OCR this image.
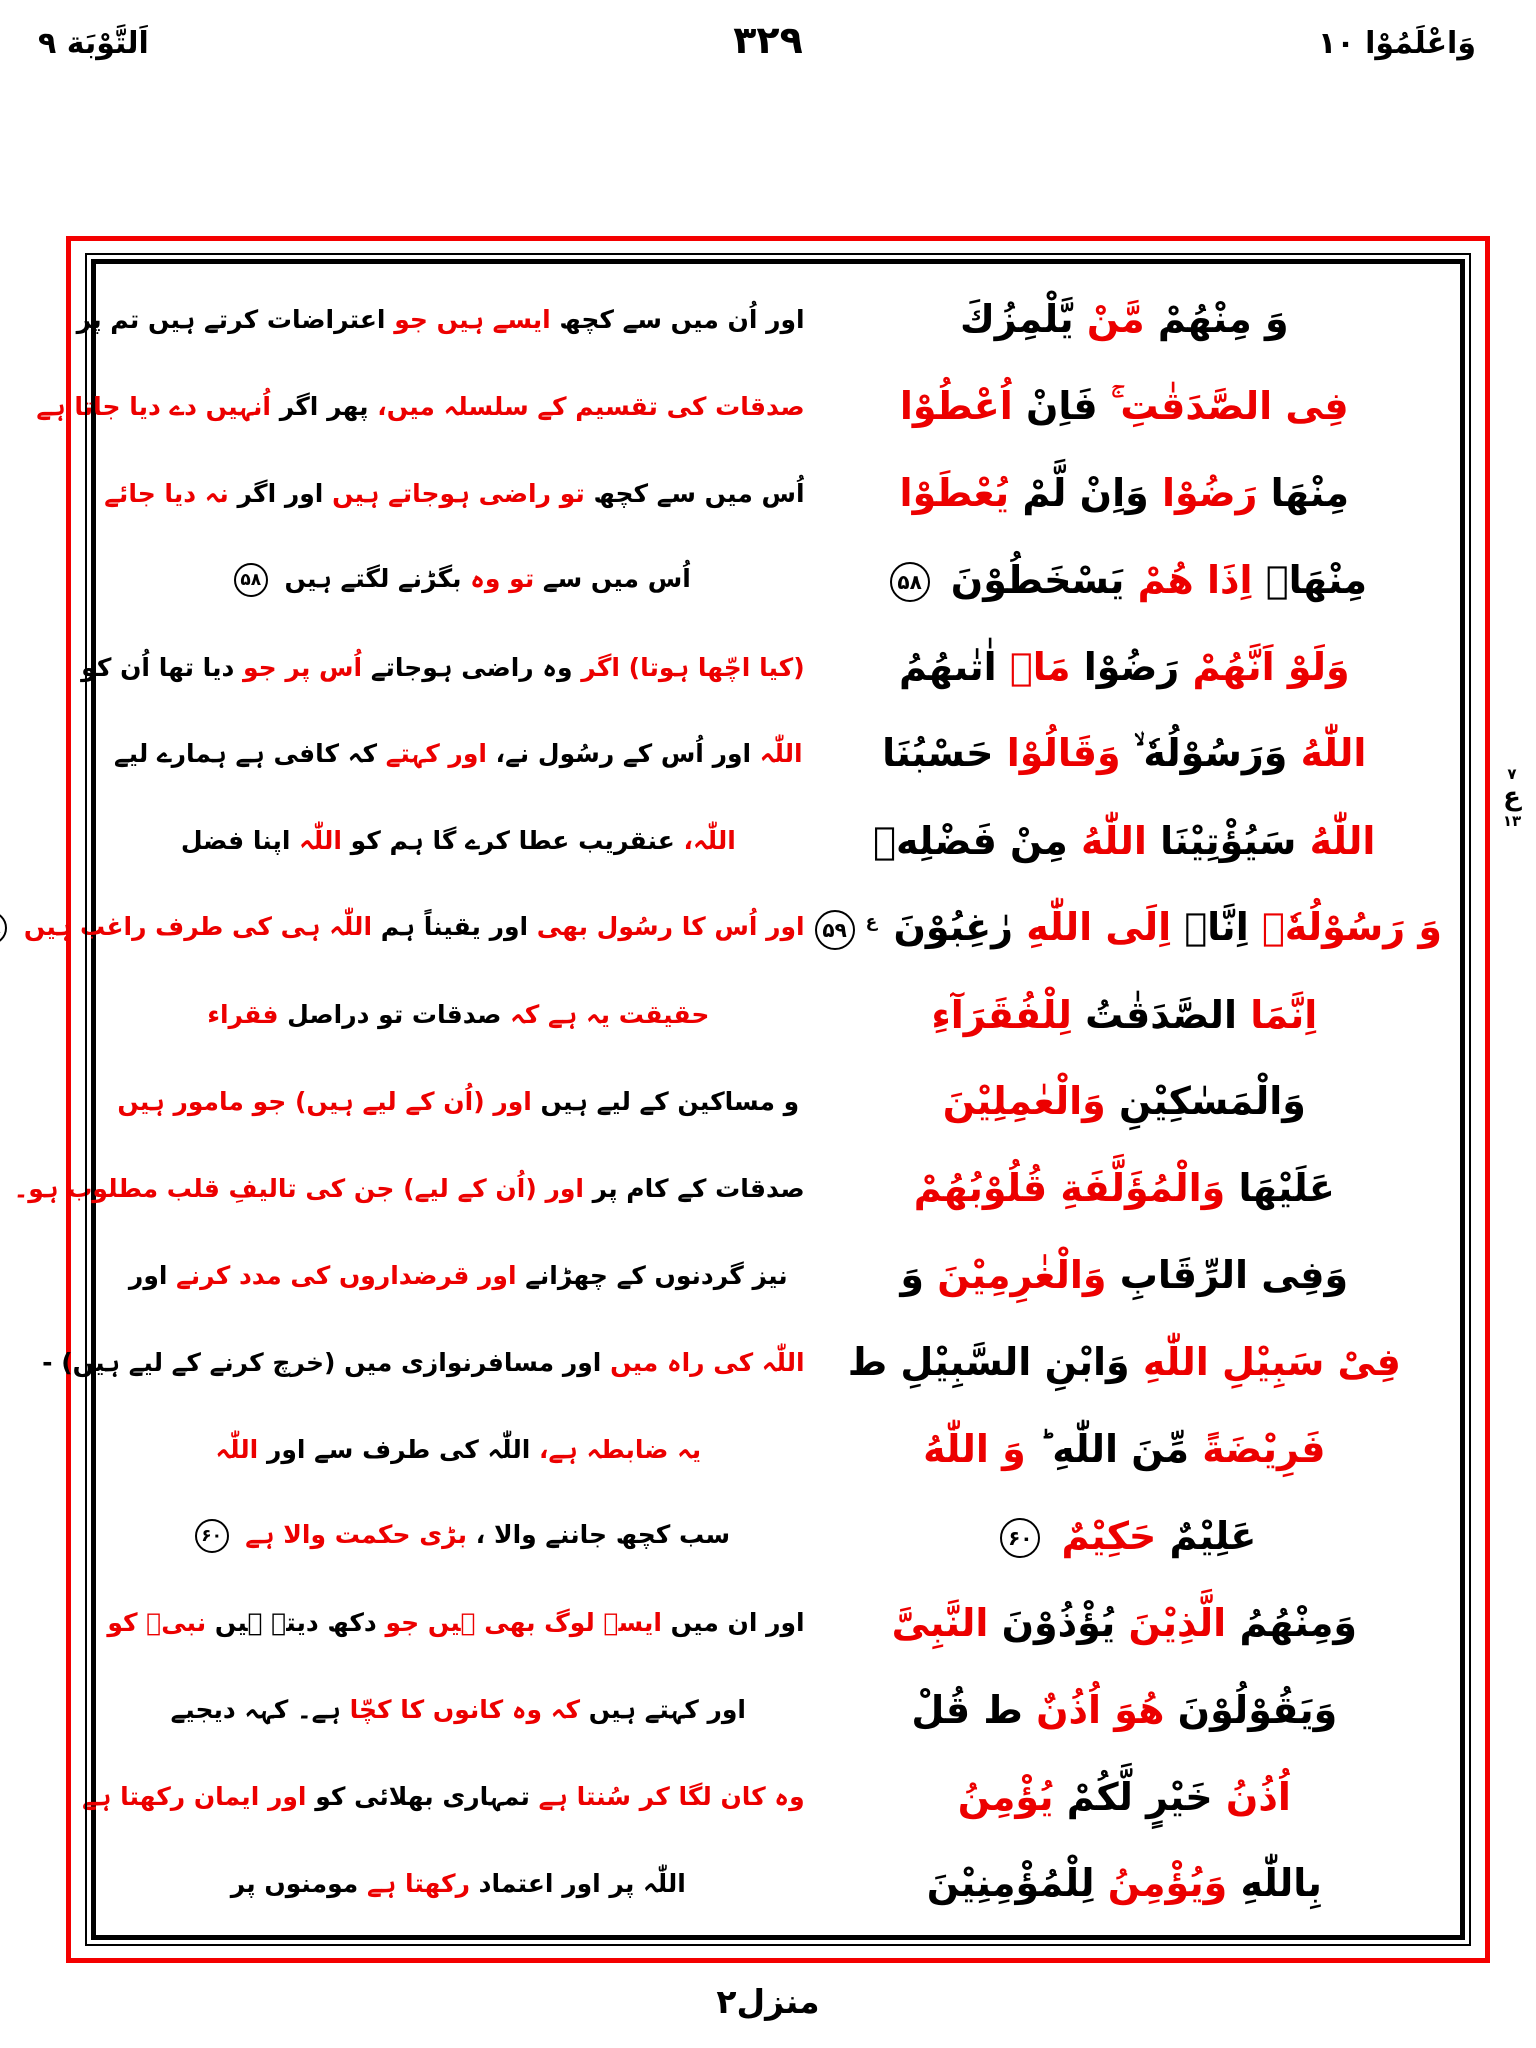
اَلتَّوْبَة ۹	۳۲۹	وَاعْلَمُوْا ۱۰
اور اُن میں سے کچھ ایسے ہیں جو اعتراضات کرتے ہیں تم پر	وَ مِنْهُمْ مَّنْ يَّلْمِزُكَ
صدقات کی تقسیم کے سلسلہ میں، پھر اگر اُنہیں دے دیا جاتا ہے	فِی الصَّدَقٰتِ ۚ فَاِنْ اُعْطُوْا
اُس میں سے کچھ تو راضی ہوجاتے ہیں اور اگر نہ دیا جائے	مِنْهَا رَضُوْا وَاِنْ لَّمْ يُعْطَوْا
اُس میں سے تو وہ بگڑنے لگتے ہیں ۵۸	مِنْهَاۤ اِذَا هُمْ يَسْخَطُوْنَ ۵۸
(کیا اچّھا ہوتا) اگر وہ راضی ہوجاتے اُس پر جو دیا تھا اُن کو	وَلَوْ اَنَّهُمْ رَضُوْا مَاۤ اٰتٰىهُمُ
اللّٰہ اور اُس کے رسُول نے، اور کہتے کہ کافی ہے ہمارے لیے	اللّٰهُ وَرَسُوْلُهٗ ۙ وَقَالُوْا حَسْبُنَا
اللّٰہ، عنقریب عطا کرے گا ہم کو اللّٰہ اپنا فضل	اللّٰهُ سَيُؤْتِيْنَا اللّٰهُ مِنْ فَضْلِهٖ
اور اُس کا رسُول بھی اور یقیناً ہم اللّٰہ ہی کی طرف راغب ہیں	وَ رَسُوْلُهٗۤ اِنَّاۤ اِلَى اللّٰهِ رٰغِبُوْنَ $^ع$۵۹
حقیقت یہ ہے کہ صدقات تو دراصل فقراء	اِنَّمَا الصَّدَقٰتُ لِلْفُقَرَآءِ
و مساکین کے لیے ہیں اور (اُن کے لیے ہیں) جو مامور ہیں	وَالْمَسٰكِيْنِ وَالْعٰمِلِيْنَ
صدقات کے کام پر اور (اُن کے لیے) جن کی تالیفِ قلب مطلوب ہو۔	عَلَيْهَا وَالْمُؤَلَّفَةِ قُلُوْبُهُمْ
نیز گردنوں کے چھڑانے اور قرضداروں کی مدد کرنے اور	وَفِی الرِّقَابِ وَالْغٰرِمِيْنَ وَ
اللّٰہ کی راہ میں اور مسافرنوازی میں (خرچ کرنے کے لیے ہیں) -	فِیْ سَبِيْلِ اللّٰهِ وَابْنِ السَّبِيْلِ ط
یہ ضابطہ ہے، اللّٰہ کی طرف سے اور اللّٰہ	فَرِيْضَةً مِّنَ اللّٰهِ ؕ وَ اللّٰهُ
سب کچھ جاننے والا ، بڑی حکمت والا ہے ۶۰	عَلِيْمٌ حَكِيْمٌ ۶۰
اور ان میں ایسے لوگ بھی ہیں جو دکھ دیتے ہیں نبیؐ کو	وَمِنْهُمُ الَّذِيْنَ يُؤْذُوْنَ النَّبِیَّ
اور کہتے ہیں کہ وہ کانوں کا کچّا ہے۔ کہہ دیجیے	وَيَقُوْلُوْنَ هُوَ اُذُنٌ ط قُلْ
وہ کان لگا کر سُنتا ہے تمہاری بھلائی کو اور ایمان رکھتا ہے	اُذُنُ خَيْرٍ لَّكُمْ يُؤْمِنُ
اللّٰہ پر اور اعتماد رکھتا ہے مومنوں پر	بِاللّٰهِ وَيُؤْمِنُ لِلْمُؤْمِنِيْنَ
۷
ع
۱۳
منزل۲
